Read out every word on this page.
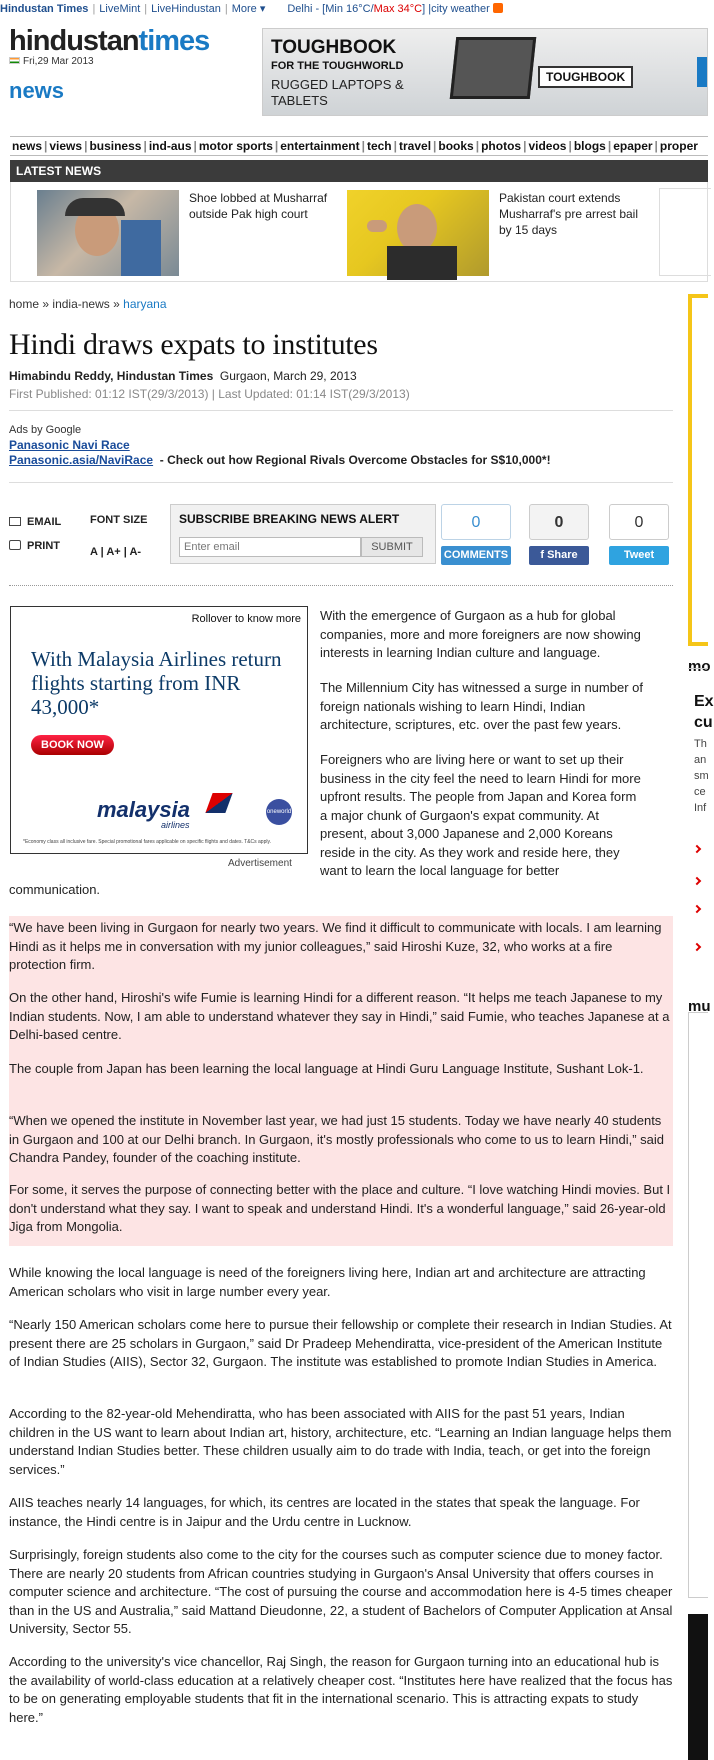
Hindustan Times | LiveMint | LiveHindustan | More ▾ Delhi - [Min 16°C/Max 34°C] |city weather
hindustantimes
Fri,29 Mar 2013
news
TOUGHBOOK
FOR THE TOUGHWORLD
RUGGED LAPTOPS & TABLETS
TOUGHBOOK
news | views | business | ind-aus | motor sports | entertainment | tech | travel | books | photos | videos | blogs | epaper | proper
LATEST NEWS
Shoe lobbed at Musharraf outside Pak high court
Pakistan court extends Musharraf's pre arrest bail by 15 days
home » india-news » haryana
Hindi draws expats to institutes
Himabindu Reddy, Hindustan Times Gurgaon, March 29, 2013
First Published: 01:12 IST(29/3/2013) | Last Updated: 01:14 IST(29/3/2013)
Ads by Google
Panasonic Navi Race
Panasonic.asia/NaviRace - Check out how Regional Rivals Overcome Obstacles for S$10,000*!
EMAIL
PRINT
FONT SIZE
A | A+ | A-
SUBSCRIBE BREAKING NEWS ALERT
Enter email	SUBMIT
0
COMMENTS
0
f Share
0
Tweet
Rollover to know more
With Malaysia Airlines return flights starting from INR 43,000*
BOOK NOW
malaysia
airlines
oneworld
*Economy class all inclusive fare. Special promotional fares applicable on specific flights and dates. T&Cs apply.
Advertisement
With the emergence of Gurgaon as a hub for global
companies, more and more foreigners are now showing
interests in learning Indian culture and language.
The Millennium City has witnessed a surge in number of
foreign nationals wishing to learn Hindi, Indian
architecture, scriptures, etc. over the past few years.
Foreigners who are living here or want to set up their
business in the city feel the need to learn Hindi for more
upfront results. The people from Japan and Korea form
a major chunk of Gurgaon's expat community. At
present, about 3,000 Japanese and 2,000 Koreans
reside in the city. As they work and reside here, they
want to learn the local language for better
communication.
“We have been living in Gurgaon for nearly two years. We find it difficult to communicate with locals. I am learning Hindi as it helps me in conversation with my junior colleagues,” said Hiroshi Kuze, 32, who works at a fire protection firm.
On the other hand, Hiroshi's wife Fumie is learning Hindi for a different reason. “It helps me teach Japanese to my Indian students. Now, I am able to understand whatever they say in Hindi,” said Fumie, who teaches Japanese at a Delhi-based centre.
The couple from Japan has been learning the local language at Hindi Guru Language Institute, Sushant Lok-1.
“When we opened the institute in November last year, we had just 15 students. Today we have nearly 40 students in Gurgaon and 100 at our Delhi branch. In Gurgaon, it's mostly professionals who come to us to learn Hindi,” said Chandra Pandey, founder of the coaching institute.
For some, it serves the purpose of connecting better with the place and culture. “I love watching Hindi movies. But I don't understand what they say. I want to speak and understand Hindi. It's a wonderful language,” said 26-year-old Jiga from Mongolia.
While knowing the local language is need of the foreigners living here, Indian art and architecture are attracting American scholars who visit in large number every year.
“Nearly 150 American scholars come here to pursue their fellowship or complete their research in Indian Studies. At present there are 25 scholars in Gurgaon,” said Dr Pradeep Mehendiratta, vice-president of the American Institute of Indian Studies (AIIS), Sector 32, Gurgaon. The institute was established to promote Indian Studies in America.
According to the 82-year-old Mehendiratta, who has been associated with AIIS for the past 51 years, Indian children in the US want to learn about Indian art, history, architecture, etc. “Learning an Indian language helps them understand Indian Studies better. These children usually aim to do trade with India, teach, or get into the foreign services.”
AIIS teaches nearly 14 languages, for which, its centres are located in the states that speak the language. For instance, the Hindi centre is in Jaipur and the Urdu centre in Lucknow.
Surprisingly, foreign students also come to the city for the courses such as computer science due to money factor. There are nearly 20 students from African countries studying in Gurgaon's Ansal University that offers courses in computer science and architecture. “The cost of pursuing the course and accommodation here is 4-5 times cheaper than in the US and Australia,” said Mattand Dieudonne, 22, a student of Bachelors of Computer Application at Ansal University, Sector 55.
According to the university's vice chancellor, Raj Singh, the reason for Gurgaon turning into an educational hub is the availability of world-class education at a relatively cheaper cost. “Institutes here have realized that the focus has to be on generating employable students that fit in the international scenario. This is attracting expats to study here.”
mo
Ex
cu
Th
an
sm
ce
Inf
mu
